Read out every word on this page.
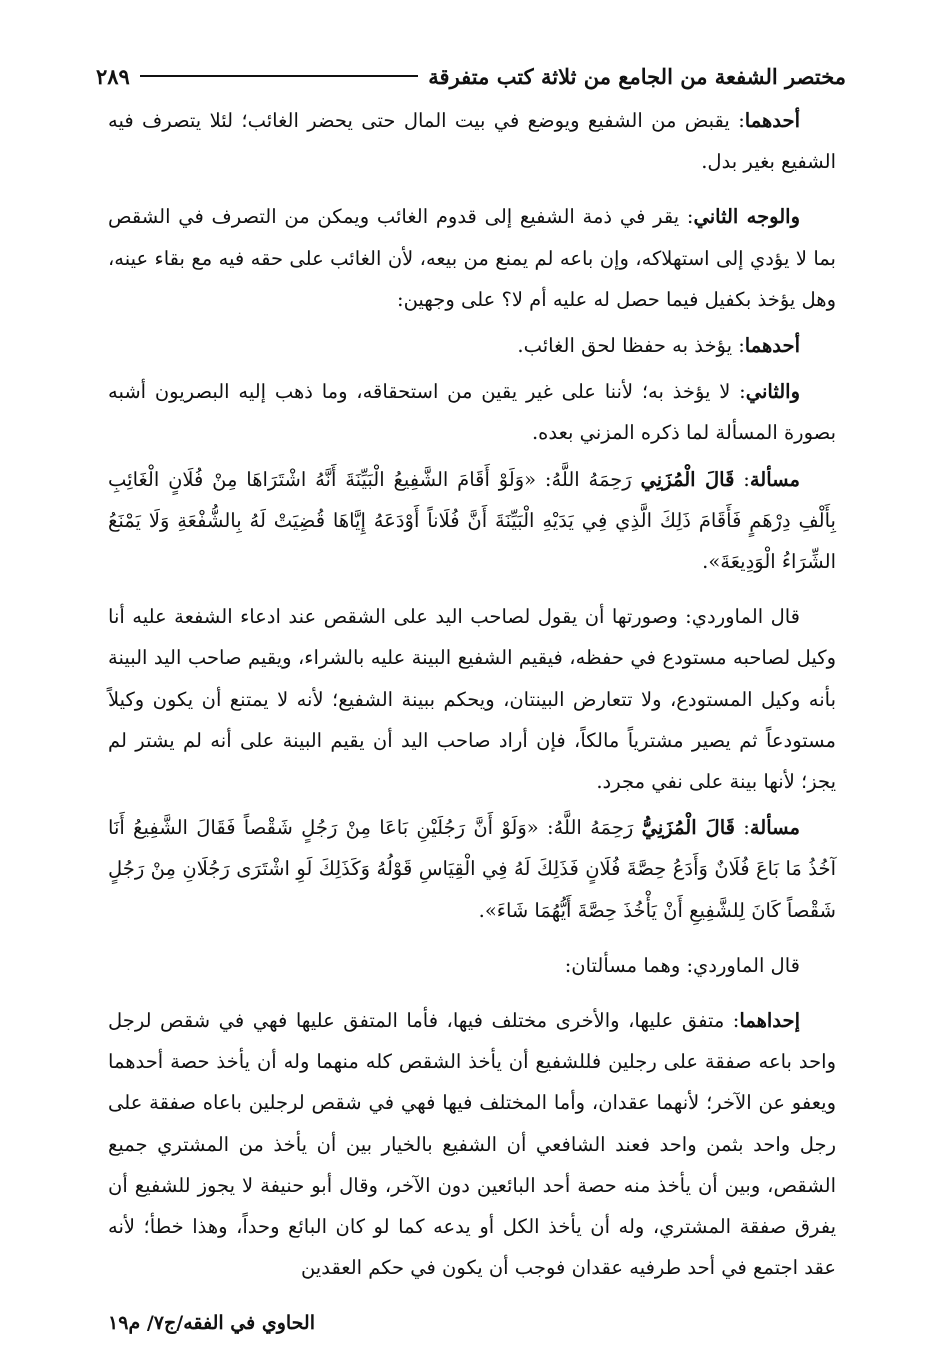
مختصر الشفعة من الجامع من ثلاثة كتب متفرقة
٢٨٩

أحدهما: يقبض من الشفيع ويوضع في بيت المال حتى يحضر الغائب؛ لئلا يتصرف فيه الشفيع بغير بدل.

والوجه الثاني: يقر في ذمة الشفيع إلى قدوم الغائب ويمكن من التصرف في الشقص بما لا يؤدي إلى استهلاكه، وإن باعه لم يمنع من بيعه، لأن الغائب على حقه فيه مع بقاء عينه، وهل يؤخذ بكفيل فيما حصل له عليه أم لا؟ على وجهين:

أحدهما: يؤخذ به حفظا لحق الغائب.

والثاني: لا يؤخذ به؛ لأننا على غير يقين من استحقاقه، وما ذهب إليه البصريون أشبه بصورة المسألة لما ذكره المزني بعده.

مسألة: قَالَ الْمُزَنِي رَحِمَهُ اللَّهُ: «وَلَوْ أَقَامَ الشَّفِيعُ الْبَيِّنَةَ أَنَّهُ اشْتَرَاهَا مِنْ فُلَانٍ الْغَائِبِ بِأَلْفِ دِرْهَمٍ فَأَقَامَ ذَلِكَ الَّذِي فِي يَدَيْهِ الْبَيِّنَةَ أَنَّ فُلَاناً أَوْدَعَهُ إِيَّاهَا قُضِيَتْ لَهُ بِالشُّفْعَةِ وَلَا يَمْنَعُ الشِّرَاءُ الْوَدِيعَةَ».

قال الماوردي: وصورتها أن يقول لصاحب اليد على الشقص عند ادعاء الشفعة عليه أنا وكيل لصاحبه مستودع في حفظه، فيقيم الشفيع البينة عليه بالشراء، ويقيم صاحب اليد البينة بأنه وكيل المستودع، ولا تتعارض البينتان، ويحكم ببينة الشفيع؛ لأنه لا يمتنع أن يكون وكيلاً مستودعاً ثم يصير مشترياً مالكاً، فإن أراد صاحب اليد أن يقيم البينة على أنه لم يشتر لم يجز؛ لأنها بينة على نفي مجرد.

مسألة: قَالَ الْمُزَنِيُّ رَحِمَهُ اللَّهُ: «وَلَوْ أَنَّ رَجُلَيْنِ بَاعَا مِنْ رَجُلٍ شَقْصاً فَقَالَ الشَّفِيعُ أَنَا آخُذُ مَا بَاعَ فُلَانٌ وَأَدَعُ حِصَّةَ فُلَانٍ فَذَلِكَ لَهُ فِي الْقِيَاسِ قَوْلُهُ وَكَذَلِكَ لَوِ اشْتَرَى رَجُلَانِ مِنْ رَجُلٍ شَقْصاً كَانَ لِلشَّفِيعِ أَنْ يَأْخُذَ حِصَّةَ أَيُّهُمَا شَاءَ».

قال الماوردي: وهما مسألتان:

إحداهما: متفق عليها، والأخرى مختلف فيها، فأما المتفق عليها فهي في شقص لرجل واحد باعه صفقة على رجلين فللشفيع أن يأخذ الشقص كله منهما وله أن يأخذ حصة أحدهما ويعفو عن الآخر؛ لأنهما عقدان، وأما المختلف فيها فهي في شقص لرجلين باعاه صفقة على رجل واحد بثمن واحد فعند الشافعي أن الشفيع بالخيار بين أن يأخذ من المشتري جميع الشقص، وبين أن يأخذ منه حصة أحد البائعين دون الآخر، وقال أبو حنيفة لا يجوز للشفيع أن يفرق صفقة المشتري، وله أن يأخذ الكل أو يدعه كما لو كان البائع وحداً، وهذا خطأ؛ لأنه عقد اجتمع في أحد طرفيه عقدان فوجب أن يكون في حكم العقدين

الحاوي في الفقه/ج٧/ م١٩
